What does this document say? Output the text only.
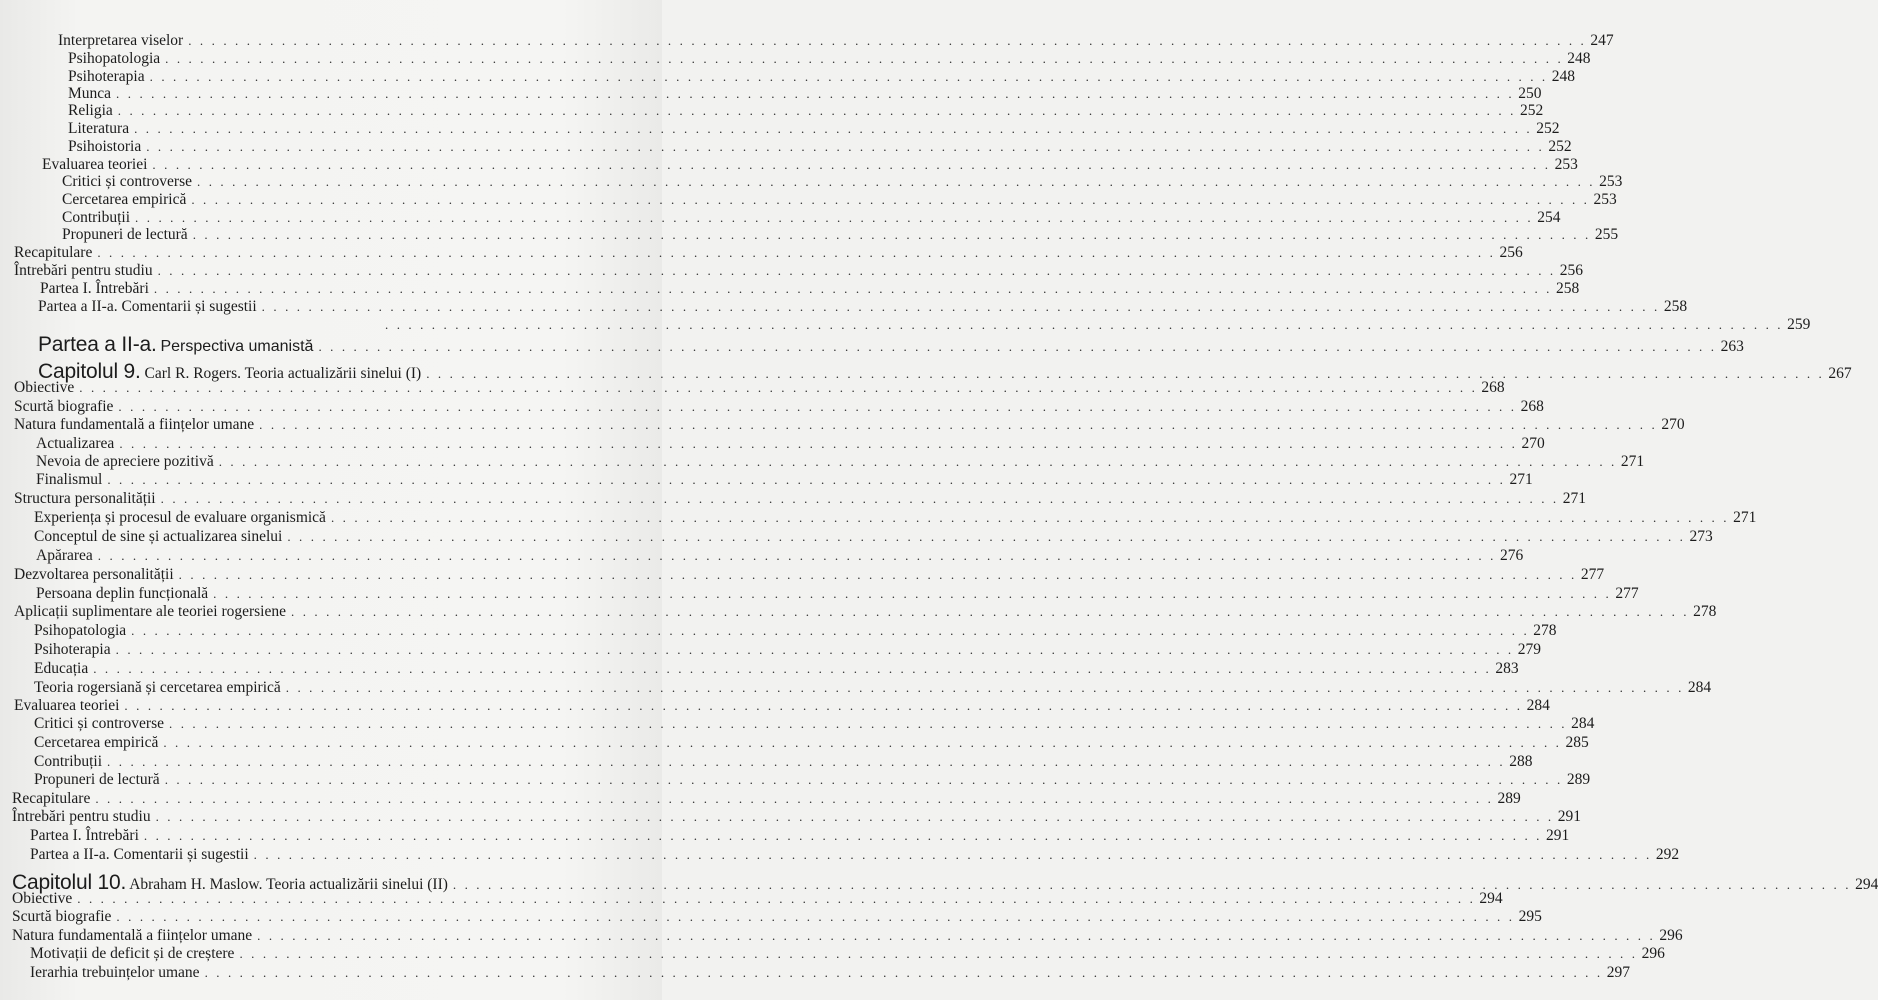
Interpretarea viselor . . . . . . . . . . . . . . . . . . . . . . . . . . . . . . . . . . . . . . . . . . . . . . . . . . . . . . . . . . . . . . . . . . . . . . . . . . . . . . . . . . . . . . . . . . . . . . . . . . . . . . . . . . . . . . . . . . . . . . . . 247
Psihopatologia . . . . . . . . . . . . . . . . . . . . . . . . . . . . . . . . . . . . . . . . . . . . . . . . . . . . . . . . . . . . . . . . . . . . . . . . . . . . . . . . . . . . . . . . . . . . . . . . . . . . . . . . . . . . . . . . . . . . . . . . 248
Psihoterapia . . . . . . . . . . . . . . . . . . . . . . . . . . . . . . . . . . . . . . . . . . . . . . . . . . . . . . . . . . . . . . . . . . . . . . . . . . . . . . . . . . . . . . . . . . . . . . . . . . . . . . . . . . . . . . . . . . . . . . . . 248
Munca . . . . . . . . . . . . . . . . . . . . . . . . . . . . . . . . . . . . . . . . . . . . . . . . . . . . . . . . . . . . . . . . . . . . . . . . . . . . . . . . . . . . . . . . . . . . . . . . . . . . . . . . . . . . . . . . . . . . . . . . 250
Religia . . . . . . . . . . . . . . . . . . . . . . . . . . . . . . . . . . . . . . . . . . . . . . . . . . . . . . . . . . . . . . . . . . . . . . . . . . . . . . . . . . . . . . . . . . . . . . . . . . . . . . . . . . . . . . . . . . . . . . . . 252
Literatura . . . . . . . . . . . . . . . . . . . . . . . . . . . . . . . . . . . . . . . . . . . . . . . . . . . . . . . . . . . . . . . . . . . . . . . . . . . . . . . . . . . . . . . . . . . . . . . . . . . . . . . . . . . . . . . . . . . . . . . . 252
Psihoistoria . . . . . . . . . . . . . . . . . . . . . . . . . . . . . . . . . . . . . . . . . . . . . . . . . . . . . . . . . . . . . . . . . . . . . . . . . . . . . . . . . . . . . . . . . . . . . . . . . . . . . . . . . . . . . . . . . . . . . . . . 252
Evaluarea teoriei . . . . . . . . . . . . . . . . . . . . . . . . . . . . . . . . . . . . . . . . . . . . . . . . . . . . . . . . . . . . . . . . . . . . . . . . . . . . . . . . . . . . . . . . . . . . . . . . . . . . . . . . . . . . . . . . . . . . . . . . 253
Critici și controverse . . . . . . . . . . . . . . . . . . . . . . . . . . . . . . . . . . . . . . . . . . . . . . . . . . . . . . . . . . . . . . . . . . . . . . . . . . . . . . . . . . . . . . . . . . . . . . . . . . . . . . . . . . . . . . . . . . . . . . . . 253
Cercetarea empirică . . . . . . . . . . . . . . . . . . . . . . . . . . . . . . . . . . . . . . . . . . . . . . . . . . . . . . . . . . . . . . . . . . . . . . . . . . . . . . . . . . . . . . . . . . . . . . . . . . . . . . . . . . . . . . . . . . . . . . . . 253
Contribuții . . . . . . . . . . . . . . . . . . . . . . . . . . . . . . . . . . . . . . . . . . . . . . . . . . . . . . . . . . . . . . . . . . . . . . . . . . . . . . . . . . . . . . . . . . . . . . . . . . . . . . . . . . . . . . . . . . . . . . . . 254
Propuneri de lectură . . . . . . . . . . . . . . . . . . . . . . . . . . . . . . . . . . . . . . . . . . . . . . . . . . . . . . . . . . . . . . . . . . . . . . . . . . . . . . . . . . . . . . . . . . . . . . . . . . . . . . . . . . . . . . . . . . . . . . . . 255
Recapitulare . . . . . . . . . . . . . . . . . . . . . . . . . . . . . . . . . . . . . . . . . . . . . . . . . . . . . . . . . . . . . . . . . . . . . . . . . . . . . . . . . . . . . . . . . . . . . . . . . . . . . . . . . . . . . . . . . . . . . . . . 256
Întrebări pentru studiu . . . . . . . . . . . . . . . . . . . . . . . . . . . . . . . . . . . . . . . . . . . . . . . . . . . . . . . . . . . . . . . . . . . . . . . . . . . . . . . . . . . . . . . . . . . . . . . . . . . . . . . . . . . . . . . . . . . . . . . . 256
Partea I. Întrebări . . . . . . . . . . . . . . . . . . . . . . . . . . . . . . . . . . . . . . . . . . . . . . . . . . . . . . . . . . . . . . . . . . . . . . . . . . . . . . . . . . . . . . . . . . . . . . . . . . . . . . . . . . . . . . . . . . . . . . . . 258
Partea a II-a. Comentarii și sugestii . . . . . . . . . . . . . . . . . . . . . . . . . . . . . . . . . . . . . . . . . . . . . . . . . . . . . . . . . . . . . . . . . . . . . . . . . . . . . . . . . . . . . . . . . . . . . . . . . . . . . . . . . . . . . . . . . . . . . . . . 258
. . . . . . . . . . . . . . . . . . . . . . . . . . . . . . . . . . . . . . . . . . . . . . . . . . . . . . . . . . . . . . . . . . . . . . . . . . . . . . . . . . . . . . . . . . . . . . . . . . . . . . . . . . . . . . . . . . . . . . . . 259
Partea a II-a. Perspectiva umanistă . . . . . . . . . . . . . . . . . . . . . . . . . . . . . . . . . . . . . . . . . . . . . . . . . . . . . . . . . . . . . . . . . . . . . . . . . . . . . . . . . . . . . . . . . . . . . . . . . . . . . . . . . . . . . . . . . . . . . . . . 263
Capitolul 9. Carl R. Rogers. Teoria actualizării sinelui (I) . . . . . . . . . . . . . . . . . . . . . . . . . . . . . . . . . . . . . . . . . . . . . . . . . . . . . . . . . . . . . . . . . . . . . . . . . . . . . . . . . . . . . . . . . . . . . . . . . . . . . . . . . . . . . . . . . . . . . . . . 267
Obiective . . . . . . . . . . . . . . . . . . . . . . . . . . . . . . . . . . . . . . . . . . . . . . . . . . . . . . . . . . . . . . . . . . . . . . . . . . . . . . . . . . . . . . . . . . . . . . . . . . . . . . . . . . . . . . . . . . . . . . . . 268
Scurtă biografie . . . . . . . . . . . . . . . . . . . . . . . . . . . . . . . . . . . . . . . . . . . . . . . . . . . . . . . . . . . . . . . . . . . . . . . . . . . . . . . . . . . . . . . . . . . . . . . . . . . . . . . . . . . . . . . . . . . . . . . . 268
Natura fundamentală a ființelor umane . . . . . . . . . . . . . . . . . . . . . . . . . . . . . . . . . . . . . . . . . . . . . . . . . . . . . . . . . . . . . . . . . . . . . . . . . . . . . . . . . . . . . . . . . . . . . . . . . . . . . . . . . . . . . . . . . . . . . . . . 270
Actualizarea . . . . . . . . . . . . . . . . . . . . . . . . . . . . . . . . . . . . . . . . . . . . . . . . . . . . . . . . . . . . . . . . . . . . . . . . . . . . . . . . . . . . . . . . . . . . . . . . . . . . . . . . . . . . . . . . . . . . . . . . 270
Nevoia de apreciere pozitivă . . . . . . . . . . . . . . . . . . . . . . . . . . . . . . . . . . . . . . . . . . . . . . . . . . . . . . . . . . . . . . . . . . . . . . . . . . . . . . . . . . . . . . . . . . . . . . . . . . . . . . . . . . . . . . . . . . . . . . . . 271
Finalismul . . . . . . . . . . . . . . . . . . . . . . . . . . . . . . . . . . . . . . . . . . . . . . . . . . . . . . . . . . . . . . . . . . . . . . . . . . . . . . . . . . . . . . . . . . . . . . . . . . . . . . . . . . . . . . . . . . . . . . . . 271
Structura personalității . . . . . . . . . . . . . . . . . . . . . . . . . . . . . . . . . . . . . . . . . . . . . . . . . . . . . . . . . . . . . . . . . . . . . . . . . . . . . . . . . . . . . . . . . . . . . . . . . . . . . . . . . . . . . . . . . . . . . . . . 271
Experiența și procesul de evaluare organismică . . . . . . . . . . . . . . . . . . . . . . . . . . . . . . . . . . . . . . . . . . . . . . . . . . . . . . . . . . . . . . . . . . . . . . . . . . . . . . . . . . . . . . . . . . . . . . . . . . . . . . . . . . . . . . . . . . . . . . . . 271
Conceptul de sine și actualizarea sinelui . . . . . . . . . . . . . . . . . . . . . . . . . . . . . . . . . . . . . . . . . . . . . . . . . . . . . . . . . . . . . . . . . . . . . . . . . . . . . . . . . . . . . . . . . . . . . . . . . . . . . . . . . . . . . . . . . . . . . . . . 273
Apărarea . . . . . . . . . . . . . . . . . . . . . . . . . . . . . . . . . . . . . . . . . . . . . . . . . . . . . . . . . . . . . . . . . . . . . . . . . . . . . . . . . . . . . . . . . . . . . . . . . . . . . . . . . . . . . . . . . . . . . . . . 276
Dezvoltarea personalității . . . . . . . . . . . . . . . . . . . . . . . . . . . . . . . . . . . . . . . . . . . . . . . . . . . . . . . . . . . . . . . . . . . . . . . . . . . . . . . . . . . . . . . . . . . . . . . . . . . . . . . . . . . . . . . . . . . . . . . . 277
Persoana deplin funcțională . . . . . . . . . . . . . . . . . . . . . . . . . . . . . . . . . . . . . . . . . . . . . . . . . . . . . . . . . . . . . . . . . . . . . . . . . . . . . . . . . . . . . . . . . . . . . . . . . . . . . . . . . . . . . . . . . . . . . . . . 277
Aplicații suplimentare ale teoriei rogersiene . . . . . . . . . . . . . . . . . . . . . . . . . . . . . . . . . . . . . . . . . . . . . . . . . . . . . . . . . . . . . . . . . . . . . . . . . . . . . . . . . . . . . . . . . . . . . . . . . . . . . . . . . . . . . . . . . . . . . . . . 278
Psihopatologia . . . . . . . . . . . . . . . . . . . . . . . . . . . . . . . . . . . . . . . . . . . . . . . . . . . . . . . . . . . . . . . . . . . . . . . . . . . . . . . . . . . . . . . . . . . . . . . . . . . . . . . . . . . . . . . . . . . . . . . . 278
Psihoterapia . . . . . . . . . . . . . . . . . . . . . . . . . . . . . . . . . . . . . . . . . . . . . . . . . . . . . . . . . . . . . . . . . . . . . . . . . . . . . . . . . . . . . . . . . . . . . . . . . . . . . . . . . . . . . . . . . . . . . . . . 279
Educația . . . . . . . . . . . . . . . . . . . . . . . . . . . . . . . . . . . . . . . . . . . . . . . . . . . . . . . . . . . . . . . . . . . . . . . . . . . . . . . . . . . . . . . . . . . . . . . . . . . . . . . . . . . . . . . . . . . . . . . . 283
Teoria rogersiană și cercetarea empirică . . . . . . . . . . . . . . . . . . . . . . . . . . . . . . . . . . . . . . . . . . . . . . . . . . . . . . . . . . . . . . . . . . . . . . . . . . . . . . . . . . . . . . . . . . . . . . . . . . . . . . . . . . . . . . . . . . . . . . . . 284
Evaluarea teoriei . . . . . . . . . . . . . . . . . . . . . . . . . . . . . . . . . . . . . . . . . . . . . . . . . . . . . . . . . . . . . . . . . . . . . . . . . . . . . . . . . . . . . . . . . . . . . . . . . . . . . . . . . . . . . . . . . . . . . . . . 284
Critici și controverse . . . . . . . . . . . . . . . . . . . . . . . . . . . . . . . . . . . . . . . . . . . . . . . . . . . . . . . . . . . . . . . . . . . . . . . . . . . . . . . . . . . . . . . . . . . . . . . . . . . . . . . . . . . . . . . . . . . . . . . . 284
Cercetarea empirică . . . . . . . . . . . . . . . . . . . . . . . . . . . . . . . . . . . . . . . . . . . . . . . . . . . . . . . . . . . . . . . . . . . . . . . . . . . . . . . . . . . . . . . . . . . . . . . . . . . . . . . . . . . . . . . . . . . . . . . . 285
Contribuții . . . . . . . . . . . . . . . . . . . . . . . . . . . . . . . . . . . . . . . . . . . . . . . . . . . . . . . . . . . . . . . . . . . . . . . . . . . . . . . . . . . . . . . . . . . . . . . . . . . . . . . . . . . . . . . . . . . . . . . . 288
Propuneri de lectură . . . . . . . . . . . . . . . . . . . . . . . . . . . . . . . . . . . . . . . . . . . . . . . . . . . . . . . . . . . . . . . . . . . . . . . . . . . . . . . . . . . . . . . . . . . . . . . . . . . . . . . . . . . . . . . . . . . . . . . . 289
Recapitulare . . . . . . . . . . . . . . . . . . . . . . . . . . . . . . . . . . . . . . . . . . . . . . . . . . . . . . . . . . . . . . . . . . . . . . . . . . . . . . . . . . . . . . . . . . . . . . . . . . . . . . . . . . . . . . . . . . . . . . . . 289
Întrebări pentru studiu . . . . . . . . . . . . . . . . . . . . . . . . . . . . . . . . . . . . . . . . . . . . . . . . . . . . . . . . . . . . . . . . . . . . . . . . . . . . . . . . . . . . . . . . . . . . . . . . . . . . . . . . . . . . . . . . . . . . . . . . 291
Partea I. Întrebări . . . . . . . . . . . . . . . . . . . . . . . . . . . . . . . . . . . . . . . . . . . . . . . . . . . . . . . . . . . . . . . . . . . . . . . . . . . . . . . . . . . . . . . . . . . . . . . . . . . . . . . . . . . . . . . . . . . . . . . . 291
Partea a II-a. Comentarii și sugestii . . . . . . . . . . . . . . . . . . . . . . . . . . . . . . . . . . . . . . . . . . . . . . . . . . . . . . . . . . . . . . . . . . . . . . . . . . . . . . . . . . . . . . . . . . . . . . . . . . . . . . . . . . . . . . . . . . . . . . . . 292
Capitolul 10. Abraham H. Maslow. Teoria actualizării sinelui (II) . . . . . . . . . . . . . . . . . . . . . . . . . . . . . . . . . . . . . . . . . . . . . . . . . . . . . . . . . . . . . . . . . . . . . . . . . . . . . . . . . . . . . . . . . . . . . . . . . . . . . . . . . . . . . . . . . . . . . . . . 294
Obiective . . . . . . . . . . . . . . . . . . . . . . . . . . . . . . . . . . . . . . . . . . . . . . . . . . . . . . . . . . . . . . . . . . . . . . . . . . . . . . . . . . . . . . . . . . . . . . . . . . . . . . . . . . . . . . . . . . . . . . . . 294
Scurtă biografie . . . . . . . . . . . . . . . . . . . . . . . . . . . . . . . . . . . . . . . . . . . . . . . . . . . . . . . . . . . . . . . . . . . . . . . . . . . . . . . . . . . . . . . . . . . . . . . . . . . . . . . . . . . . . . . . . . . . . . . . 295
Natura fundamentală a ființelor umane . . . . . . . . . . . . . . . . . . . . . . . . . . . . . . . . . . . . . . . . . . . . . . . . . . . . . . . . . . . . . . . . . . . . . . . . . . . . . . . . . . . . . . . . . . . . . . . . . . . . . . . . . . . . . . . . . . . . . . . . 296
Motivații de deficit și de creștere . . . . . . . . . . . . . . . . . . . . . . . . . . . . . . . . . . . . . . . . . . . . . . . . . . . . . . . . . . . . . . . . . . . . . . . . . . . . . . . . . . . . . . . . . . . . . . . . . . . . . . . . . . . . . . . . . . . . . . . . 296
Ierarhia trebuințelor umane . . . . . . . . . . . . . . . . . . . . . . . . . . . . . . . . . . . . . . . . . . . . . . . . . . . . . . . . . . . . . . . . . . . . . . . . . . . . . . . . . . . . . . . . . . . . . . . . . . . . . . . . . . . . . . . . . . . . . . . . 297
